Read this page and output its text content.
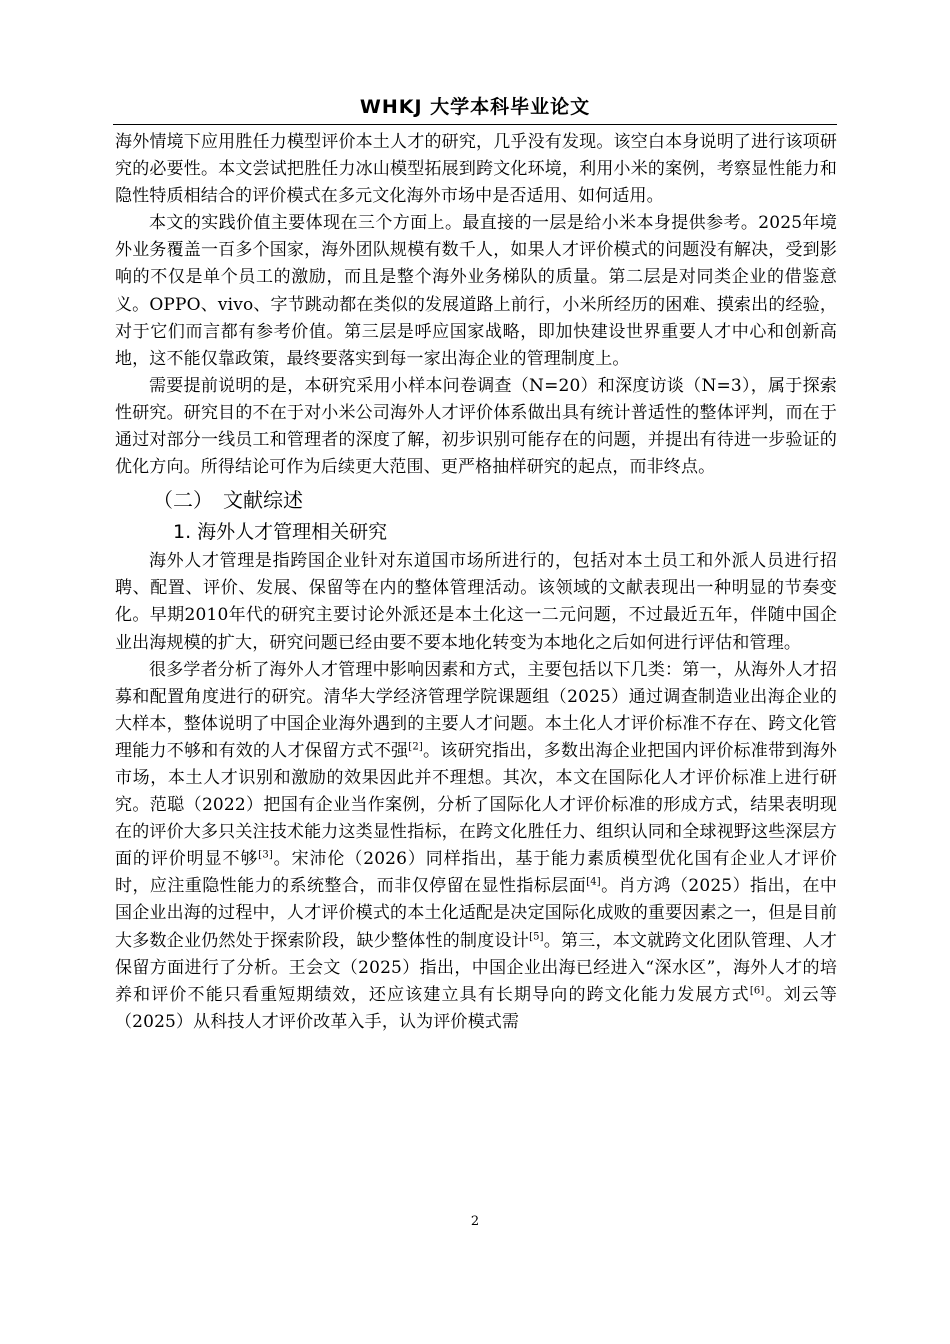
WHKJ 大学本科毕业论文

海外情境下应用胜任力模型评价本土人才的研究，几乎没有发现。该空白本身说明了进行该项研究的必要性。本文尝试把胜任力冰山模型拓展到跨文化环境，利用小米的案例，考察显性能力和隐性特质相结合的评价模式在多元文化海外市场中是否适用、如何适用。

本文的实践价值主要体现在三个方面上。最直接的一层是给小米本身提供参考。2025年境外业务覆盖一百多个国家，海外团队规模有数千人，如果人才评价模式的问题没有解决，受到影响的不仅是单个员工的激励，而且是整个海外业务梯队的质量。第二层是对同类企业的借鉴意义。OPPO、vivo、字节跳动都在类似的发展道路上前行，小米所经历的困难、摸索出的经验，对于它们而言都有参考价值。第三层是呼应国家战略，即加快建设世界重要人才中心和创新高地，这不能仅靠政策，最终要落实到每一家出海企业的管理制度上。

需要提前说明的是，本研究采用小样本问卷调查（N=20）和深度访谈（N=3），属于探索性研究。研究目的不在于对小米公司海外人才评价体系做出具有统计普适性的整体评判，而在于通过对部分一线员工和管理者的深度了解，初步识别可能存在的问题，并提出有待进一步验证的优化方向。所得结论可作为后续更大范围、更严格抽样研究的起点，而非终点。

（二）　文献综述
1. 海外人才管理相关研究

海外人才管理是指跨国企业针对东道国市场所进行的，包括对本土员工和外派人员进行招聘、配置、评价、发展、保留等在内的整体管理活动。该领域的文献表现出一种明显的节奏变化。早期2010年代的研究主要讨论外派还是本土化这一二元问题，不过最近五年，伴随中国企业出海规模的扩大，研究问题已经由要不要本地化转变为本地化之后如何进行评估和管理。

很多学者分析了海外人才管理中影响因素和方式，主要包括以下几类：第一，从海外人才招募和配置角度进行的研究。清华大学经济管理学院课题组（2025）通过调查制造业出海企业的大样本，整体说明了中国企业海外遇到的主要人才问题。本土化人才评价标准不存在、跨文化管理能力不够和有效的人才保留方式不强[2]。该研究指出，多数出海企业把国内评价标准带到海外市场，本土人才识别和激励的效果因此并不理想。其次，本文在国际化人才评价标准上进行研究。范聪（2022）把国有企业当作案例，分析了国际化人才评价标准的形成方式，结果表明现在的评价大多只关注技术能力这类显性指标，在跨文化胜任力、组织认同和全球视野这些深层方面的评价明显不够[3]。宋沛伦（2026）同样指出，基于能力素质模型优化国有企业人才评价时，应注重隐性能力的系统整合，而非仅停留在显性指标层面[4]。肖方鸿（2025）指出，在中国企业出海的过程中，人才评价模式的本土化适配是决定国际化成败的重要因素之一，但是目前大多数企业仍然处于探索阶段，缺少整体性的制度设计[5]。第三，本文就跨文化团队管理、人才保留方面进行了分析。王会文（2025）指出，中国企业出海已经进入“深水区”，海外人才的培养和评价不能只看重短期绩效，还应该建立具有长期导向的跨文化能力发展方式[6]。刘云等（2025）从科技人才评价改革入手，认为评价模式需

2
